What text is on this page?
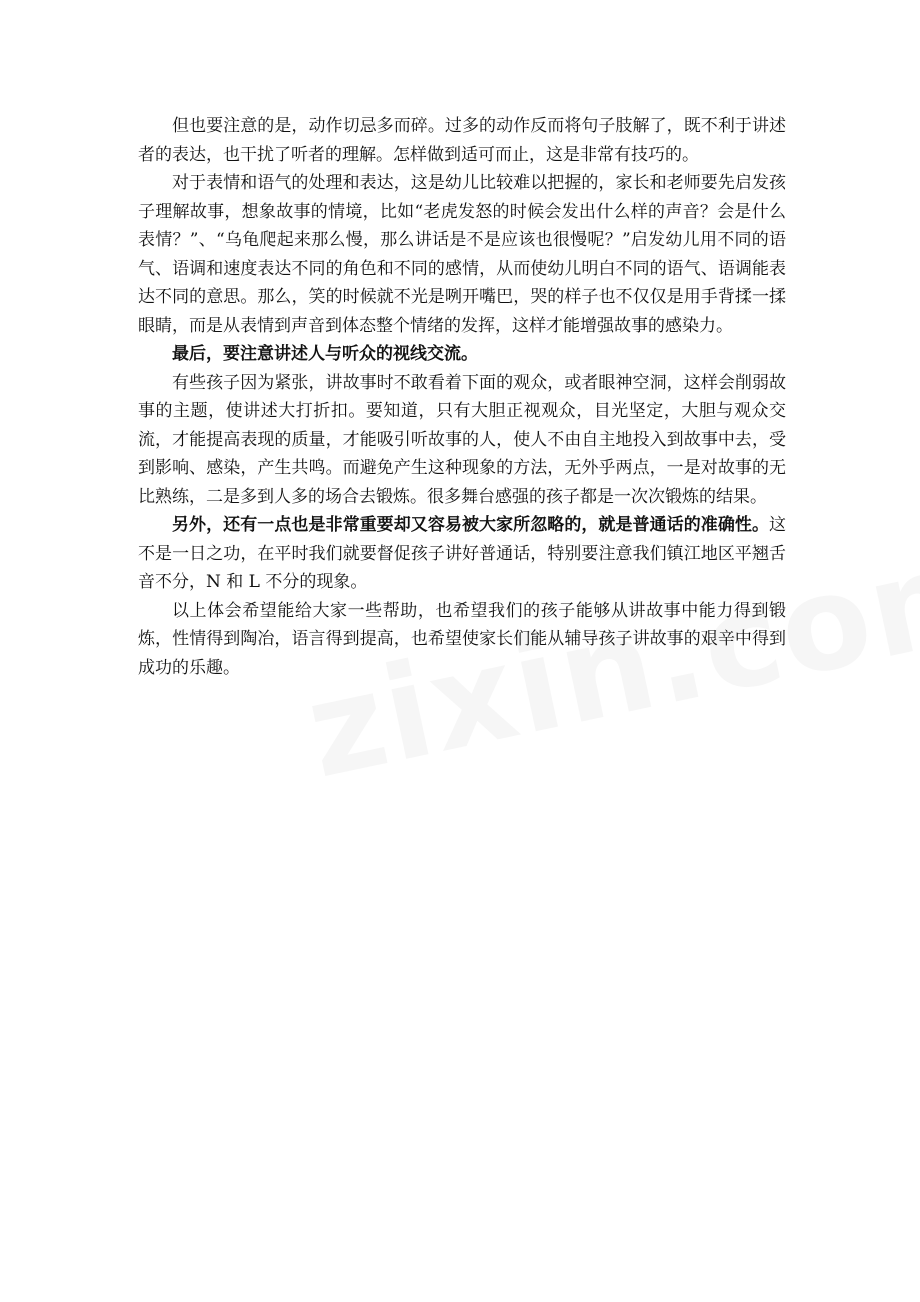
但也要注意的是，动作切忌多而碎。过多的动作反而将句子肢解了，既不利于讲述者的表达，也干扰了听者的理解。怎样做到适可而止，这是非常有技巧的。

对于表情和语气的处理和表达，这是幼儿比较难以把握的，家长和老师要先启发孩子理解故事，想象故事的情境，比如“老虎发怒的时候会发出什么样的声音？会是什么表情？”、“乌龟爬起来那么慢，那么讲话是不是应该也很慢呢？”启发幼儿用不同的语气、语调和速度表达不同的角色和不同的感情，从而使幼儿明白不同的语气、语调能表达不同的意思。那么，笑的时候就不光是咧开嘴巴，哭的样子也不仅仅是用手背揉一揉眼睛，而是从表情到声音到体态整个情绪的发挥，这样才能增强故事的感染力。

最后，要注意讲述人与听众的视线交流。

有些孩子因为紧张，讲故事时不敢看着下面的观众，或者眼神空洞，这样会削弱故事的主题，使讲述大打折扣。要知道，只有大胆正视观众，目光坚定，大胆与观众交流，才能提高表现的质量，才能吸引听故事的人，使人不由自主地投入到故事中去，受到影响、感染，产生共鸣。而避免产生这种现象的方法，无外乎两点，一是对故事的无比熟练，二是多到人多的场合去锻炼。很多舞台感强的孩子都是一次次锻炼的结果。

另外，还有一点也是非常重要却又容易被大家所忽略的，就是普通话的准确性。这不是一日之功，在平时我们就要督促孩子讲好普通话，特别要注意我们镇江地区平翘舌音不分，N 和 L 不分的现象。

以上体会希望能给大家一些帮助，也希望我们的孩子能够从讲故事中能力得到锻炼，性情得到陶冶，语言得到提高，也希望使家长们能从辅导孩子讲故事的艰辛中得到成功的乐趣。
